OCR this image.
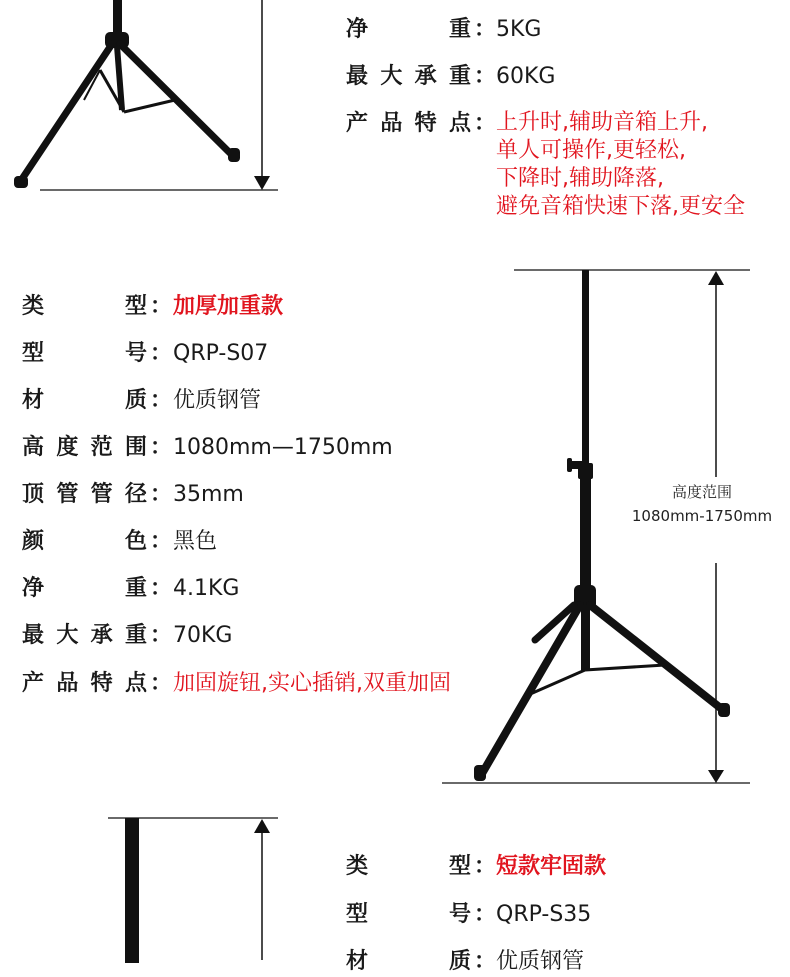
净	重 ： 5KG
最 大 承 重 ： 60KG
产 品 特 点 ： 上升时,辅助音箱上升,
单人可操作,更轻松,
下降时,辅助降落,
避免音箱快速下落,更安全
类	型 ： 加厚加重款
型	号 ： QRP-S07
材	质 ： 优质钢管
高 度 范 围 ： 1080mm—1750mm
顶 管 管 径 ： 35mm
颜	色 ： 黑色
净	重 ： 4.1KG
最 大 承 重 ： 70KG
产 品 特 点 ： 加固旋钮,实心插销,双重加固
高度范围
1080mm-1750mm
类	型 ： 短款牢固款
型	号 ： QRP-S35
材	质 ： 优质钢管
